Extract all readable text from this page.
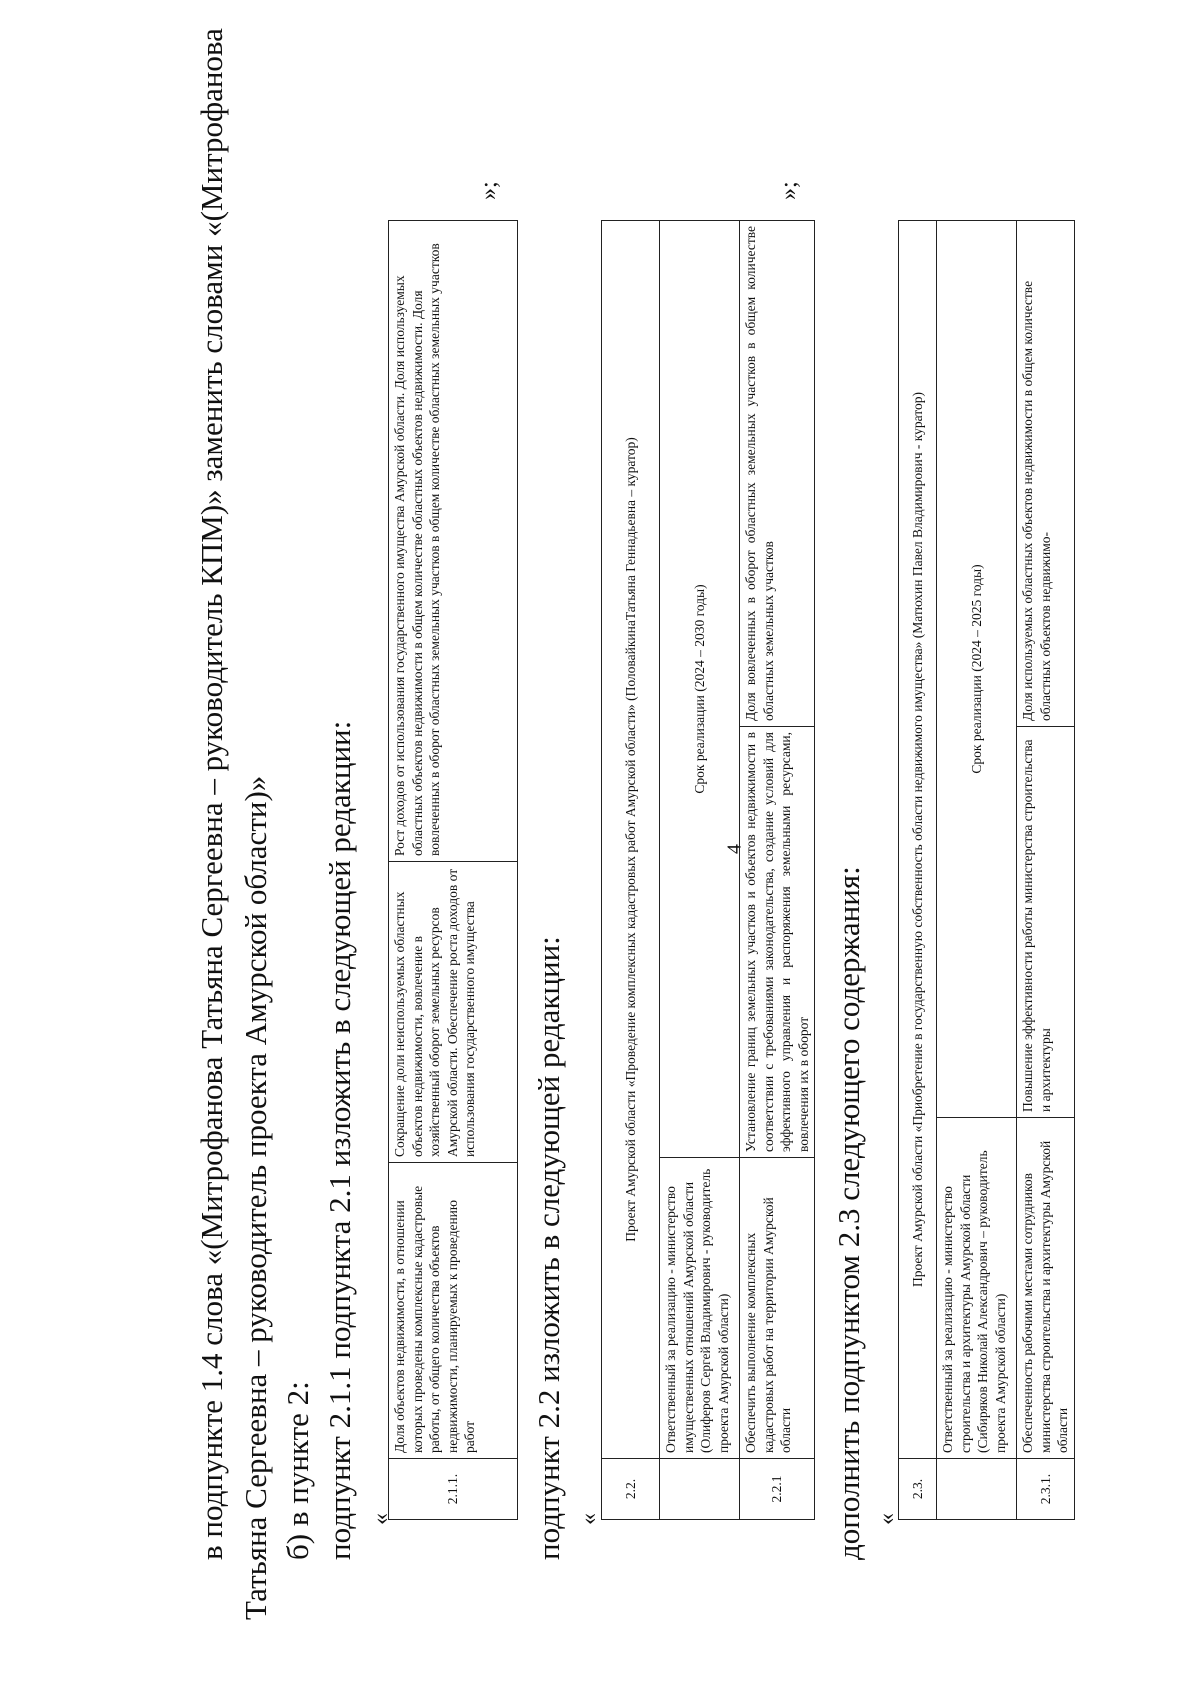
4
в подпункте 1.4 слова «(Митрофанова Татьяна Сергеевна – руководитель КПМ)» заменить словами «(Митрофанова Татьяна Сергеевна – руководитель проекта Амурской области)» б) в пункте 2: подпункт 2.1.1 подпункта 2.1 изложить в следующей редакции: «
2.1.1.	Доля объектов недвижимости, в отношении которых проведены комплексные кадастровые работы, от общего количества объектов недвижимости, планируемых к проведению работ	Сокращение доли неиспользуемых областных объектов недвижимости, вовлечение в хозяйственный оборот земельных ресурсов Амурской области. Обеспечение роста доходов от использования государственного имущества	Рост доходов от использования государственного имущества Амурской области. Доля используемых областных объектов недвижимости в общем количестве областных объектов недвижимости. Доля вовлеченных в оборот областных земельных участков в общем количестве областных земельных участков
»;
подпункт 2.2 изложить в следующей редакции: «
2.2.	Проект Амурской области «Проведение комплексных кадастровых работ Амурской области» (ПоловайкинаТатьяна Геннадьевна – куратор)		
	Ответственный за реализацию - министерство имущественных отношений Амурской области (Олиферов Сергей Владимирович - руководитель проекта Амурской области)	Срок реализации (2024 – 2030 годы)	
2.2.1	Обеспечить выполнение комплексных кадастровых работ на территории Амурской области	Установление границ земельных участков и объектов недвижимости в соответствии с требованиями законодательства, создание условий для эффективного управления и распоряжения земельными ресурсами, вовлечения их в оборот	Доля вовлеченных в оборот областных земельных участков в общем количестве областных земельных участков
»;
дополнить подпунктом 2.3 следующего содержания: «
2.3.	Проект Амурской области «Приобретение в государственную собственность области недвижимого имущества» (Матюхин Павел Владимирович - куратор)		
	Ответственный за реализацию - министерство строительства и архитектуры Амурской области (Сибиряков Николай Александрович – руководитель проекта Амурской области)	Срок реализации (2024 – 2025 годы)	
2.3.1.	Обеспеченность рабочими местами сотрудников министерства строительства и архитектуры Амурской области	Повышение эффективности работы министерства строительства и архитектуры	Доля используемых областных объектов недвижимости в общем количестве областных объектов недвижимо-
